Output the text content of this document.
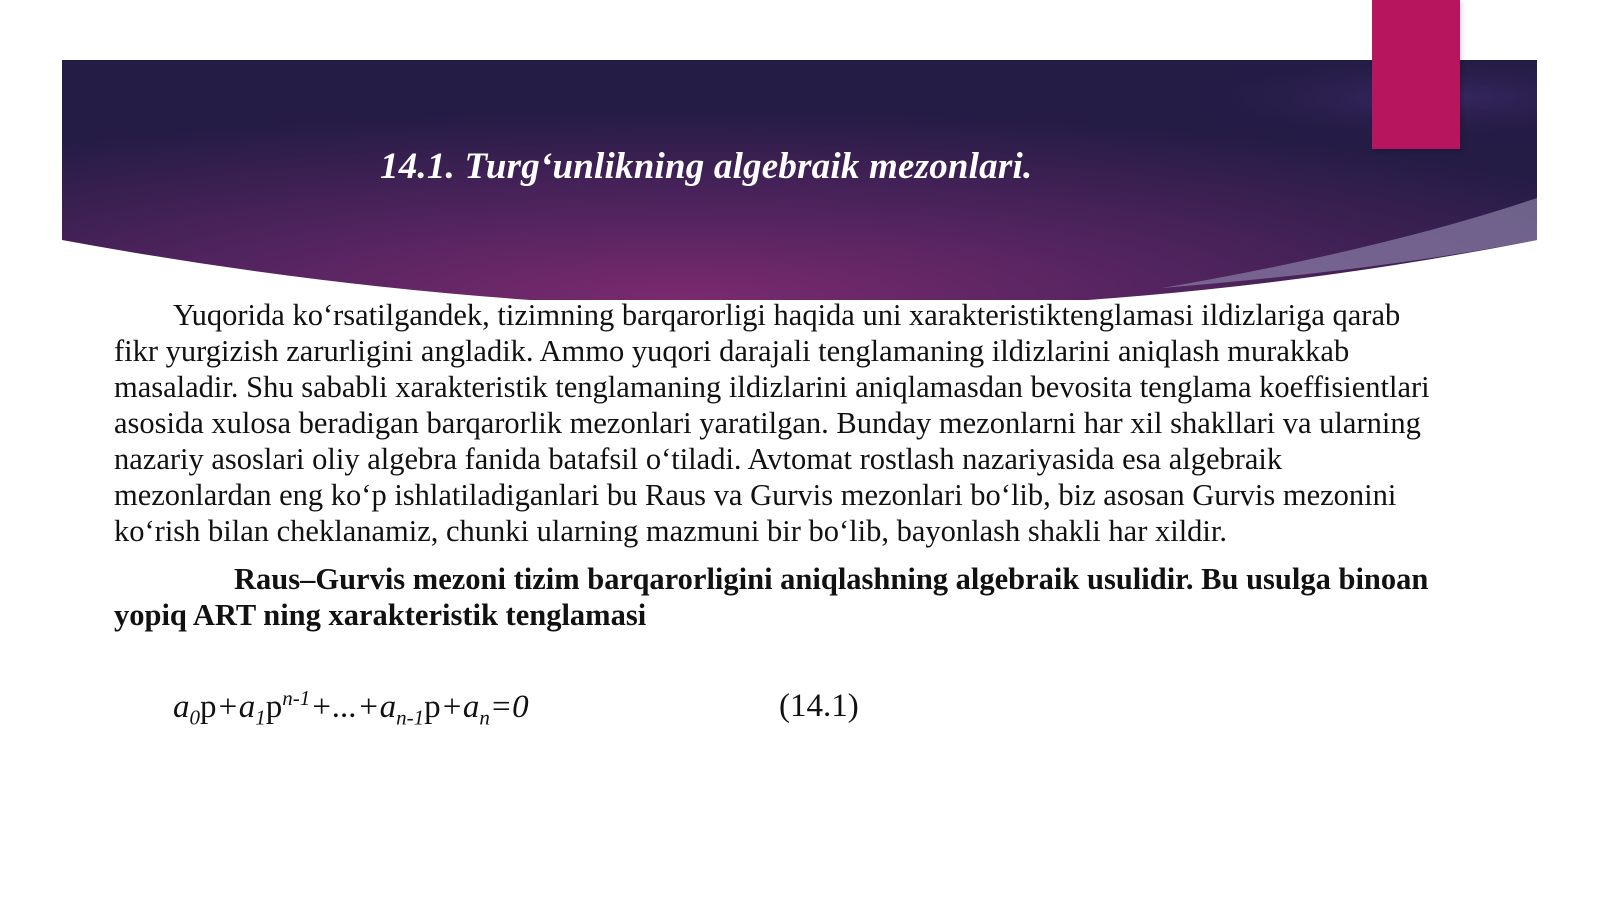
14.1. Turg‘unlikning algebraik mezonlari.

Yuqorida ko‘rsatilgandek, tizimning barqarorligi haqida uni xarakteristiktenglamasi ildizlariga qarab fikr yurgizish zarurligini angladik. Ammo yuqori darajali tenglamaning ildizlarini aniqlash murakkab masaladir. Shu sababli xarakteristik tenglamaning ildizlarini aniqlamasdan bevosita tenglama koeffisientlari asosida xulosa beradigan barqarorlik mezonlari yaratilgan. Bunday mezonlarni har xil shakllari va ularning nazariy asoslari oliy algebra fanida batafsil o‘tiladi. Avtomat rostlash nazariyasida esa algebraik mezonlardan eng ko‘p ishlatiladiganlari bu Raus va Gurvis mezonlari bo‘lib, biz asosan Gurvis mezonini ko‘rish bilan cheklanamiz, chunki ularning mazmuni bir bo‘lib, bayonlash shakli har xildir.

Raus–Gurvis mezoni tizim barqarorligini aniqlashning algebraik usulidir. Bu usulga binoan yopiq ART ning xarakteristik tenglamasi

$a_0p+a_1p^{n-1}+...+a_{n-1}p+a_n=0$	(14.1)
